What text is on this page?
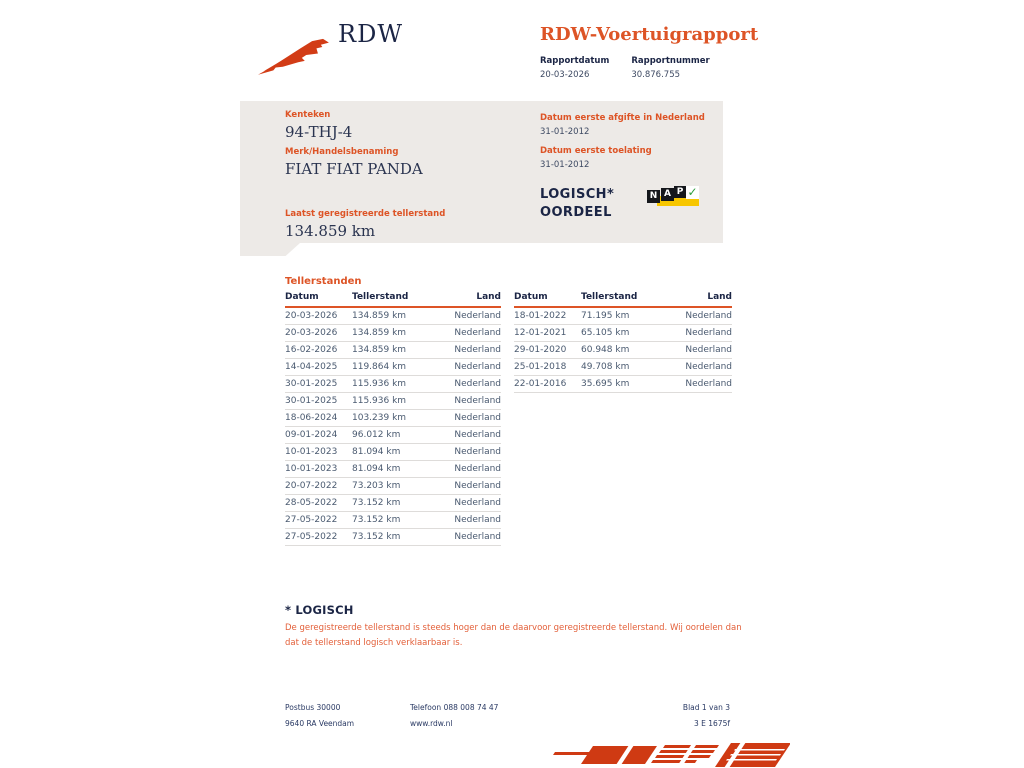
RDW	RDW-Voertuigrapport
Rapportdatum
20-03-2026
Rapportnummer
30.876.755
Kenteken
94-THJ-4
Merk/Handelsbenaming
FIAT FIAT PANDA
Laatst geregistreerde tellerstand
134.859 km
Datum eerste afgifte in Nederland
31-01-2012
Datum eerste toelating
31-01-2012
LOGISCH*
OORDEEL
N A P ✓
Tellerstanden
Datum	Tellerstand	Land
20-03-2026	134.859 km	Nederland
20-03-2026	134.859 km	Nederland
16-02-2026	134.859 km	Nederland
14-04-2025	119.864 km	Nederland
30-01-2025	115.936 km	Nederland
30-01-2025	115.936 km	Nederland
18-06-2024	103.239 km	Nederland
09-01-2024	96.012 km	Nederland
10-01-2023	81.094 km	Nederland
10-01-2023	81.094 km	Nederland
20-07-2022	73.203 km	Nederland
28-05-2022	73.152 km	Nederland
27-05-2022	73.152 km	Nederland
27-05-2022	73.152 km	Nederland
Datum	Tellerstand	Land
18-01-2022	71.195 km	Nederland
12-01-2021	65.105 km	Nederland
29-01-2020	60.948 km	Nederland
25-01-2018	49.708 km	Nederland
22-01-2016	35.695 km	Nederland
* LOGISCH
De geregistreerde tellerstand is steeds hoger dan de daarvoor geregistreerde tellerstand. Wij oordelen dan dat de tellerstand logisch verklaarbaar is.
Postbus 30000
9640 RA Veendam
Telefoon 088 008 74 47
www.rdw.nl
Blad 1 van 3
3 E 1675f
